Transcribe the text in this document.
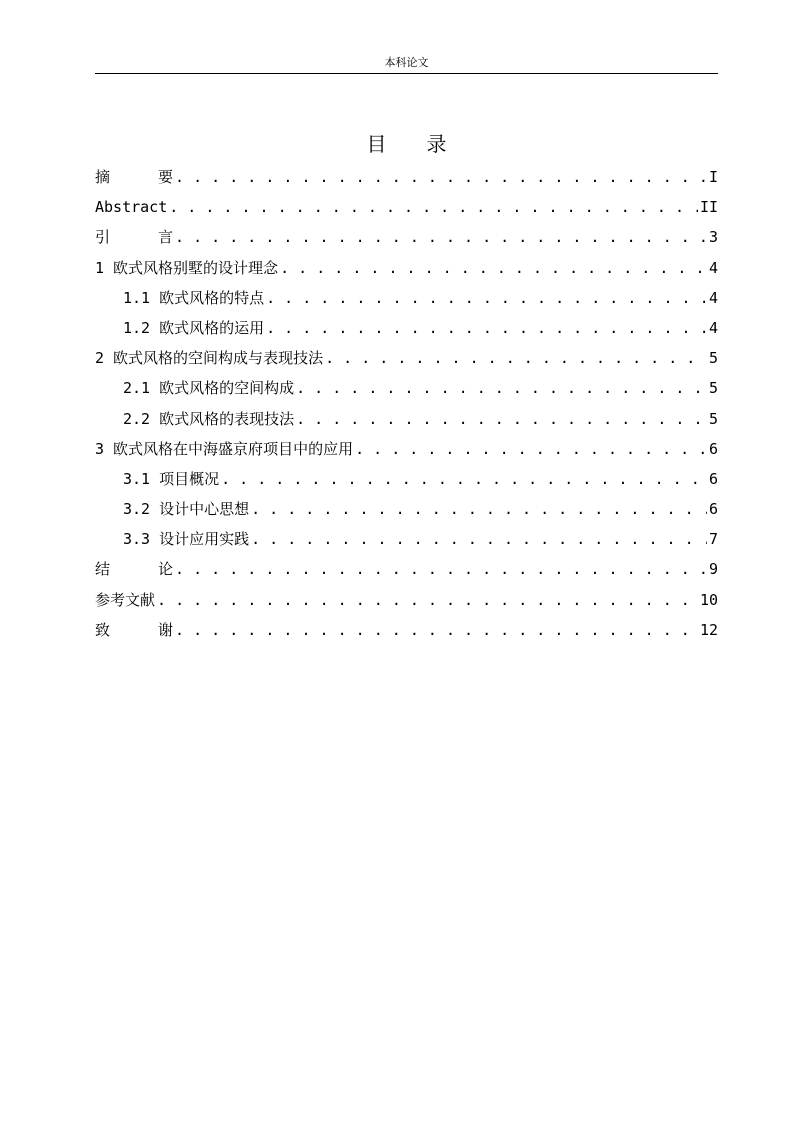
本科论文
目 录
摘	要 . . .	I
Abstract . . .	II
引	言 . . .	3
1 欧式风格别墅的设计理念 . . .	4
1.1 欧式风格的特点 . . .	4
1.2 欧式风格的运用 . . .	4
2 欧式风格的空间构成与表现技法 . . .	5
2.1 欧式风格的空间构成 . . .	5
2.2 欧式风格的表现技法 . . .	5
3 欧式风格在中海盛京府项目中的应用 . . .	6
3.1 项目概况 . . .	6
3.2 设计中心思想 . . .	6
3.3 设计应用实践 . . .	7
结	论 . . .	9
参考文献 . . .	10
致	谢 . . .	12
